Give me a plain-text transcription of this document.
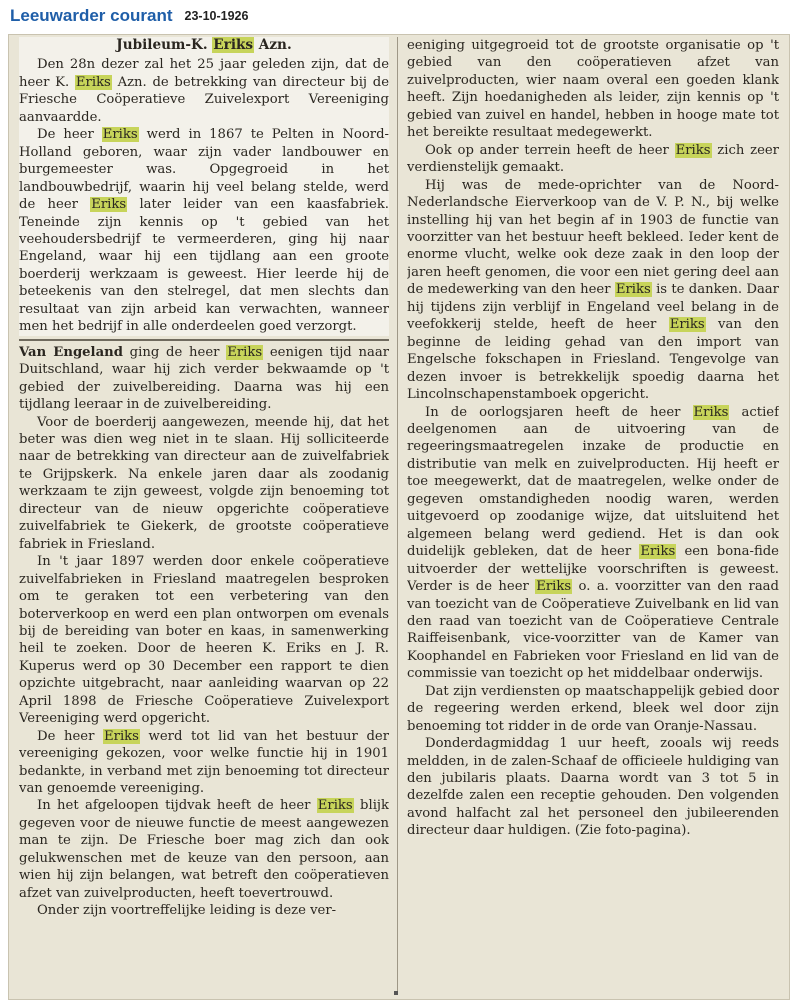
Leeuwarder courant 23-10-1926
Jubileum-K. Eriks Azn.

Den 28n dezer zal het 25 jaar geleden zijn, dat de heer K. Eriks Azn. de betrekking van directeur bij de Friesche Coöperatieve Zuivelexport Vereeniging aanvaardde.

De heer Eriks werd in 1867 te Pelten in Noord-Holland geboren, waar zijn vader landbouwer en burgemeester was. Opgegroeid in het landbouwbedrijf, waarin hij veel belang stelde, werd de heer Eriks later leider van een kaasfabriek. Teneinde zijn kennis op 't gebied van het veehoudersbedrijf te vermeerderen, ging hij naar Engeland, waar hij een tijdlang aan een groote boerderij werkzaam is geweest. Hier leerde hij de beteekenis van den stelregel, dat men slechts dan resultaat van zijn arbeid kan verwachten, wanneer men het bedrijf in alle onderdeelen goed verzorgt.

Van Engeland ging de heer Eriks eenigen tijd naar Duitschland, waar hij zich verder bekwaamde op 't gebied der zuivelbereiding. Daarna was hij een tijdlang leeraar in de zuivelbereiding.

Voor de boerderij aangewezen, meende hij, dat het beter was dien weg niet in te slaan. Hij solliciteerde naar de betrekking van directeur aan de zuivelfabriek te Grijpskerk. Na enkele jaren daar als zoodanig werkzaam te zijn geweest, volgde zijn benoeming tot directeur van de nieuw opgerichte coöperatieve zuivelfabriek te Giekerk, de grootste coöperatieve fabriek in Friesland.

In 't jaar 1897 werden door enkele coöperatieve zuivelfabrieken in Friesland maatregelen besproken om te geraken tot een verbetering van den boterverkoop en werd een plan ontworpen om evenals bij de bereiding van boter en kaas, in samenwerking heil te zoeken. Door de heeren K. Eriks en J. R. Kuperus werd op 30 December een rapport te dien opzichte uitgebracht, naar aanleiding waarvan op 22 April 1898 de Friesche Coöperatieve Zuivelexport Vereeniging werd opgericht.

De heer Eriks werd tot lid van het bestuur der vereeniging gekozen, voor welke functie hij in 1901 bedankte, in verband met zijn benoeming tot directeur van genoemde vereeniging.

In het afgeloopen tijdvak heeft de heer Eriks blijk gegeven voor de nieuwe functie de meest aangewezen man te zijn. De Friesche boer mag zich dan ook gelukwenschen met de keuze van den persoon, aan wien hij zijn belangen, wat betreft den coöperatieven afzet van zuivelproducten, heeft toevertrouwd.

Onder zijn voortreffelijke leiding is deze ver-

eeniging uitgegroeid tot de grootste organisatie op 't gebied van den coöperatieven afzet van zuivelproducten, wier naam overal een goeden klank heeft. Zijn hoedanigheden als leider, zijn kennis op 't gebied van zuivel en handel, hebben in hooge mate tot het bereikte resultaat medegewerkt.

Ook op ander terrein heeft de heer Eriks zich zeer verdienstelijk gemaakt.

Hij was de mede-oprichter van de Noord-Nederlandsche Eierverkoop van de V. P. N., bij welke instelling hij van het begin af in 1903 de functie van voorzitter van het bestuur heeft bekleed. Ieder kent de enorme vlucht, welke ook deze zaak in den loop der jaren heeft genomen, die voor een niet gering deel aan de medewerking van den heer Eriks is te danken. Daar hij tijdens zijn verblijf in Engeland veel belang in de veefokkerij stelde, heeft de heer Eriks van den beginne de leiding gehad van den import van Engelsche fokschapen in Friesland. Tengevolge van dezen invoer is betrekkelijk spoedig daarna het Lincolnschapenstamboek opgericht.

In de oorlogsjaren heeft de heer Eriks actief deelgenomen aan de uitvoering van de regeeringsmaatregelen inzake de productie en distributie van melk en zuivelproducten. Hij heeft er toe meegewerkt, dat de maatregelen, welke onder de gegeven omstandigheden noodig waren, werden uitgevoerd op zoodanige wijze, dat uitsluitend het algemeen belang werd gediend. Het is dan ook duidelijk gebleken, dat de heer Eriks een bona-fide uitvoerder der wettelijke voorschriften is geweest. Verder is de heer Eriks o. a. voorzitter van den raad van toezicht van de Coöperatieve Zuivelbank en lid van den raad van toezicht van de Coöperatieve Centrale Raiffeisenbank, vice-voorzitter van de Kamer van Koophandel en Fabrieken voor Friesland en lid van de commissie van toezicht op het middelbaar onderwijs.

Dat zijn verdiensten op maatschappelijk gebied door de regeering werden erkend, bleek wel door zijn benoeming tot ridder in de orde van Oranje-Nassau.

Donderdagmiddag 1 uur heeft, zooals wij reeds meldden, in de zalen-Schaaf de officieele huldiging van den jubilaris plaats. Daarna wordt van 3 tot 5 in dezelfde zalen een receptie gehouden. Den volgenden avond halfacht zal het personeel den jubileerenden directeur daar huldigen. (Zie foto-pagina).
